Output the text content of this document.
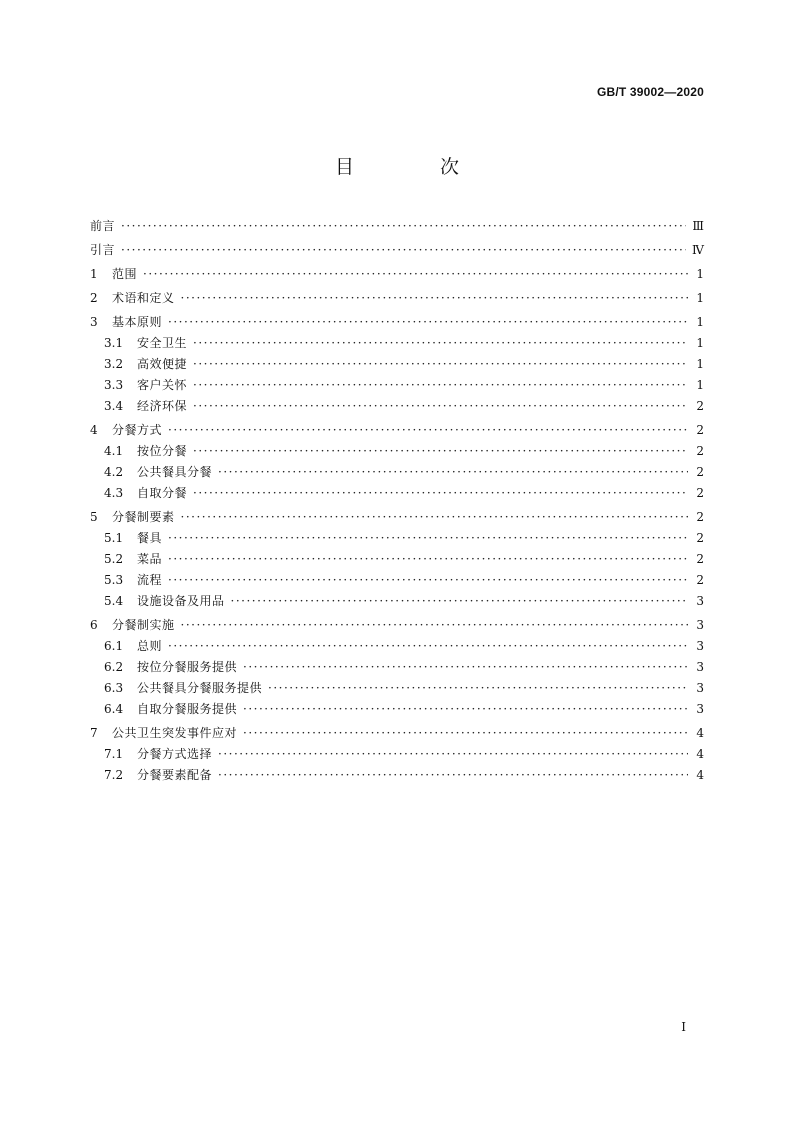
GB/T 39002—2020
目 次
前言 ·····	Ⅲ
引言 ·····	Ⅳ
1	范围 ·····	1
2	术语和定义 ·····	1
3	基本原则 ·····	1
3.1	安全卫生 ·····	1
3.2	高效便捷 ·····	1
3.3	客户关怀 ·····	1
3.4	经济环保 ·····	2
4	分餐方式 ·····	2
4.1	按位分餐 ·····	2
4.2	公共餐具分餐 ·····	2
4.3	自取分餐 ·····	2
5	分餐制要素 ·····	2
5.1	餐具 ·····	2
5.2	菜品 ·····	2
5.3	流程 ·····	2
5.4	设施设备及用品 ·····	3
6	分餐制实施 ·····	3
6.1	总则 ·····	3
6.2	按位分餐服务提供 ·····	3
6.3	公共餐具分餐服务提供 ·····	3
6.4	自取分餐服务提供 ·····	3
7	公共卫生突发事件应对 ·····	4
7.1	分餐方式选择 ·····	4
7.2	分餐要素配备 ·····	4
I
